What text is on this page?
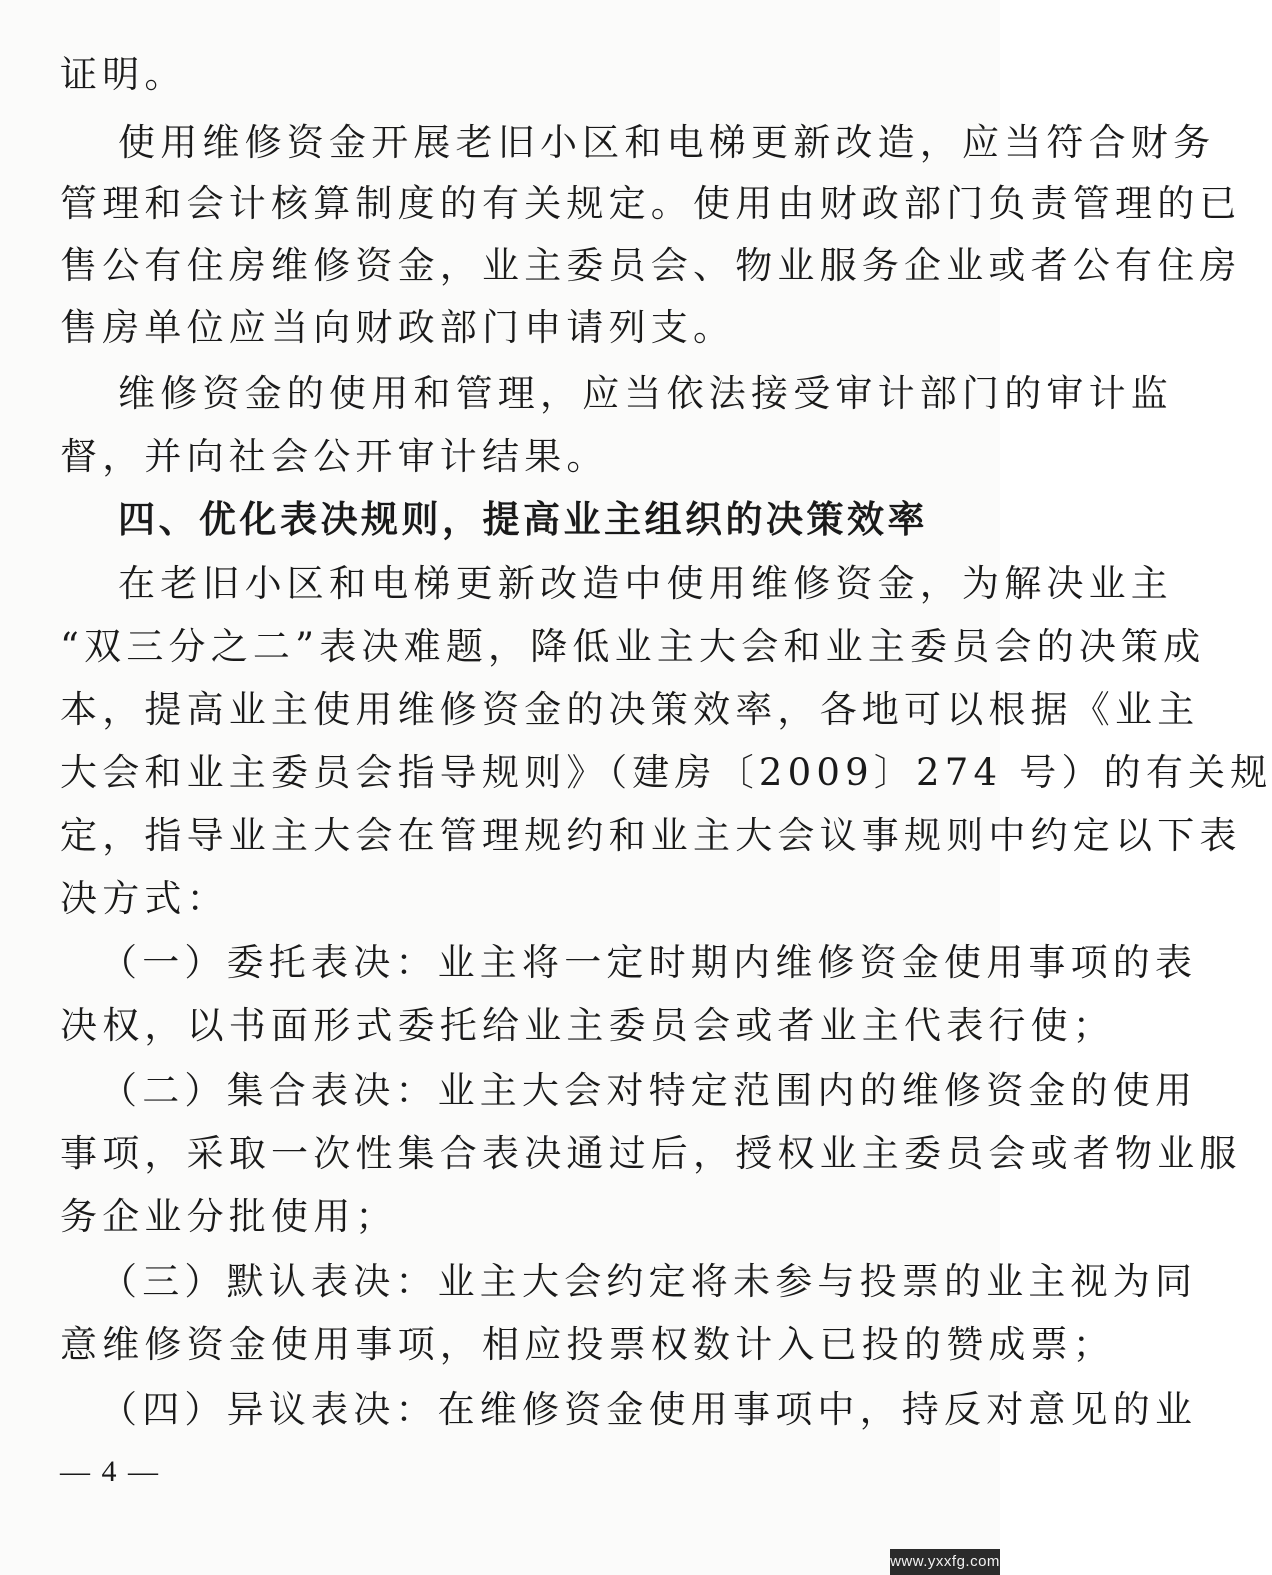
证明。
使用维修资金开展老旧小区和电梯更新改造，应当符合财务
管理和会计核算制度的有关规定。使用由财政部门负责管理的已
售公有住房维修资金，业主委员会、物业服务企业或者公有住房
售房单位应当向财政部门申请列支。
维修资金的使用和管理，应当依法接受审计部门的审计监
督，并向社会公开审计结果。
四、优化表决规则，提高业主组织的决策效率
在老旧小区和电梯更新改造中使用维修资金，为解决业主
“双三分之二”表决难题，降低业主大会和业主委员会的决策成
本，提高业主使用维修资金的决策效率，各地可以根据《业主
大会和业主委员会指导规则》（建房〔2009〕274 号）的有关规
定，指导业主大会在管理规约和业主大会议事规则中约定以下表
决方式：
（一）委托表决：业主将一定时期内维修资金使用事项的表
决权，以书面形式委托给业主委员会或者业主代表行使；
（二）集合表决：业主大会对特定范围内的维修资金的使用
事项，采取一次性集合表决通过后，授权业主委员会或者物业服
务企业分批使用；
（三）默认表决：业主大会约定将未参与投票的业主视为同
意维修资金使用事项，相应投票权数计入已投的赞成票；
（四）异议表决：在维修资金使用事项中，持反对意见的业
— 4 —
www.yxxfg.com
